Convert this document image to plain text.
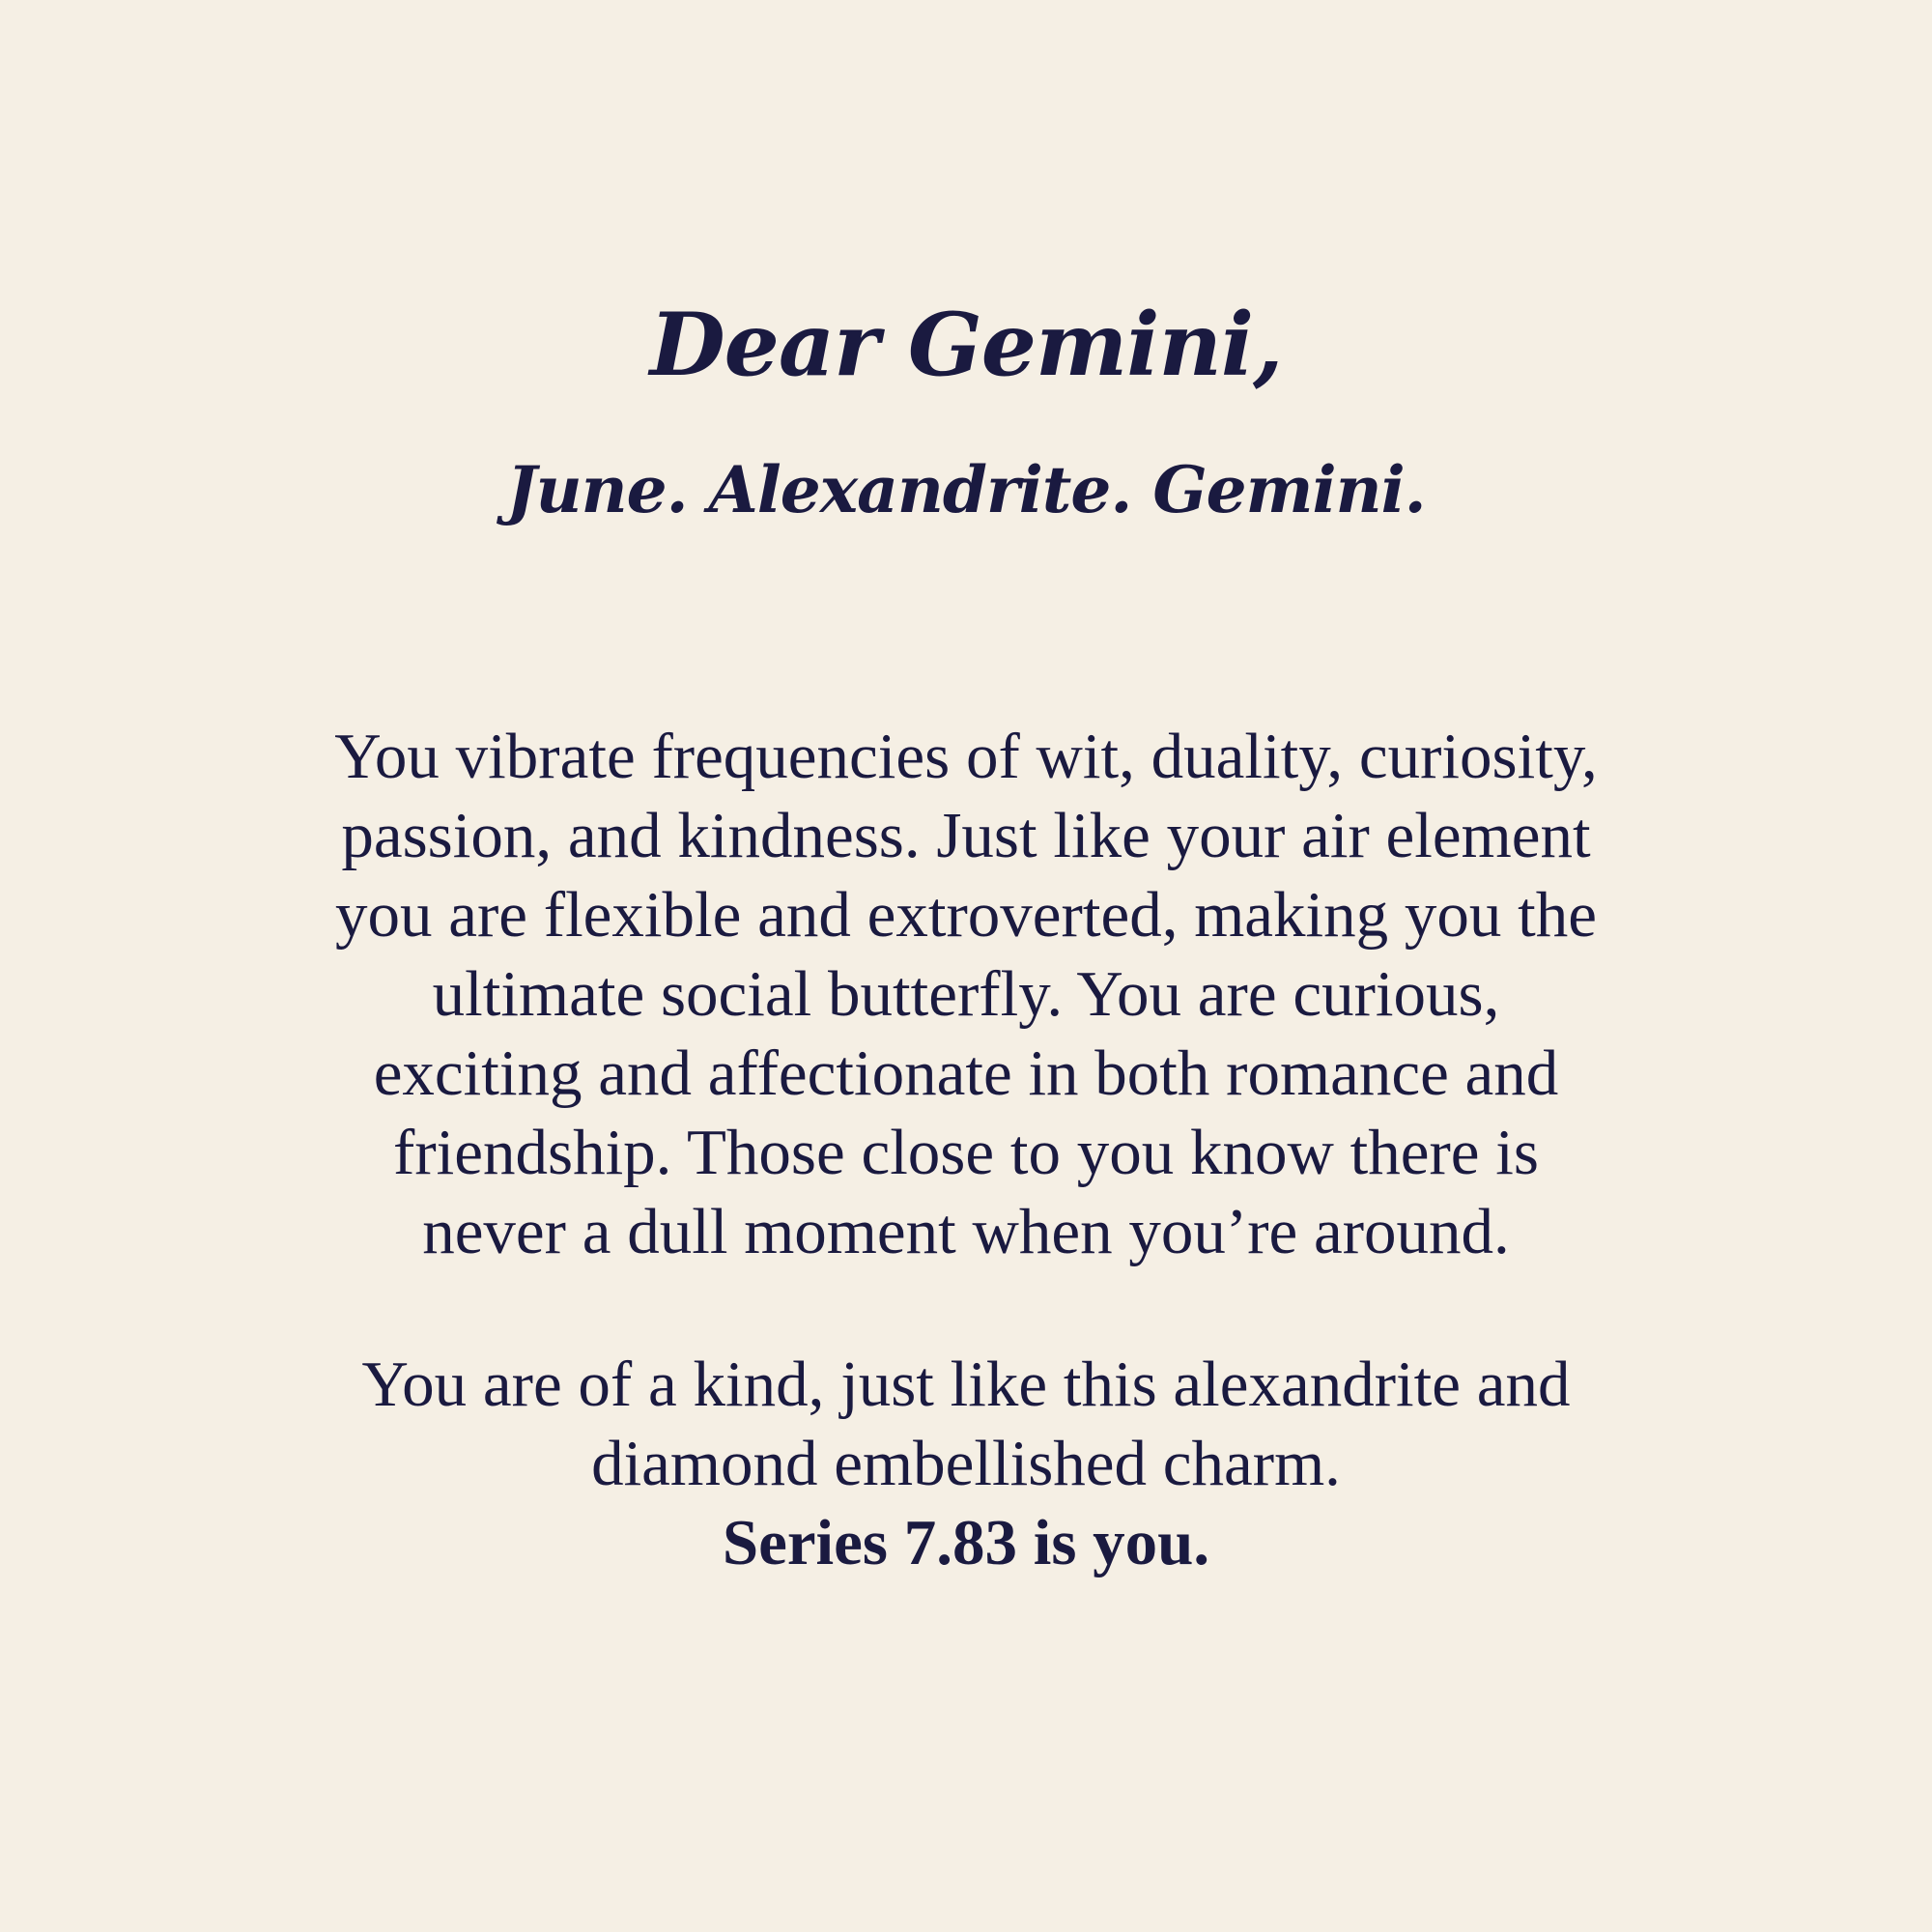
Dear Gemini,
June. Alexandrite. Gemini.

You vibrate frequencies of wit, duality, curiosity,
passion, and kindness. Just like your air element
you are flexible and extroverted, making you the
ultimate social butterfly. You are curious,
exciting and affectionate in both romance and
friendship. Those close to you know there is
never a dull moment when you’re around.

You are of a kind, just like this alexandrite and
diamond embellished charm.
Series 7.83 is you.
